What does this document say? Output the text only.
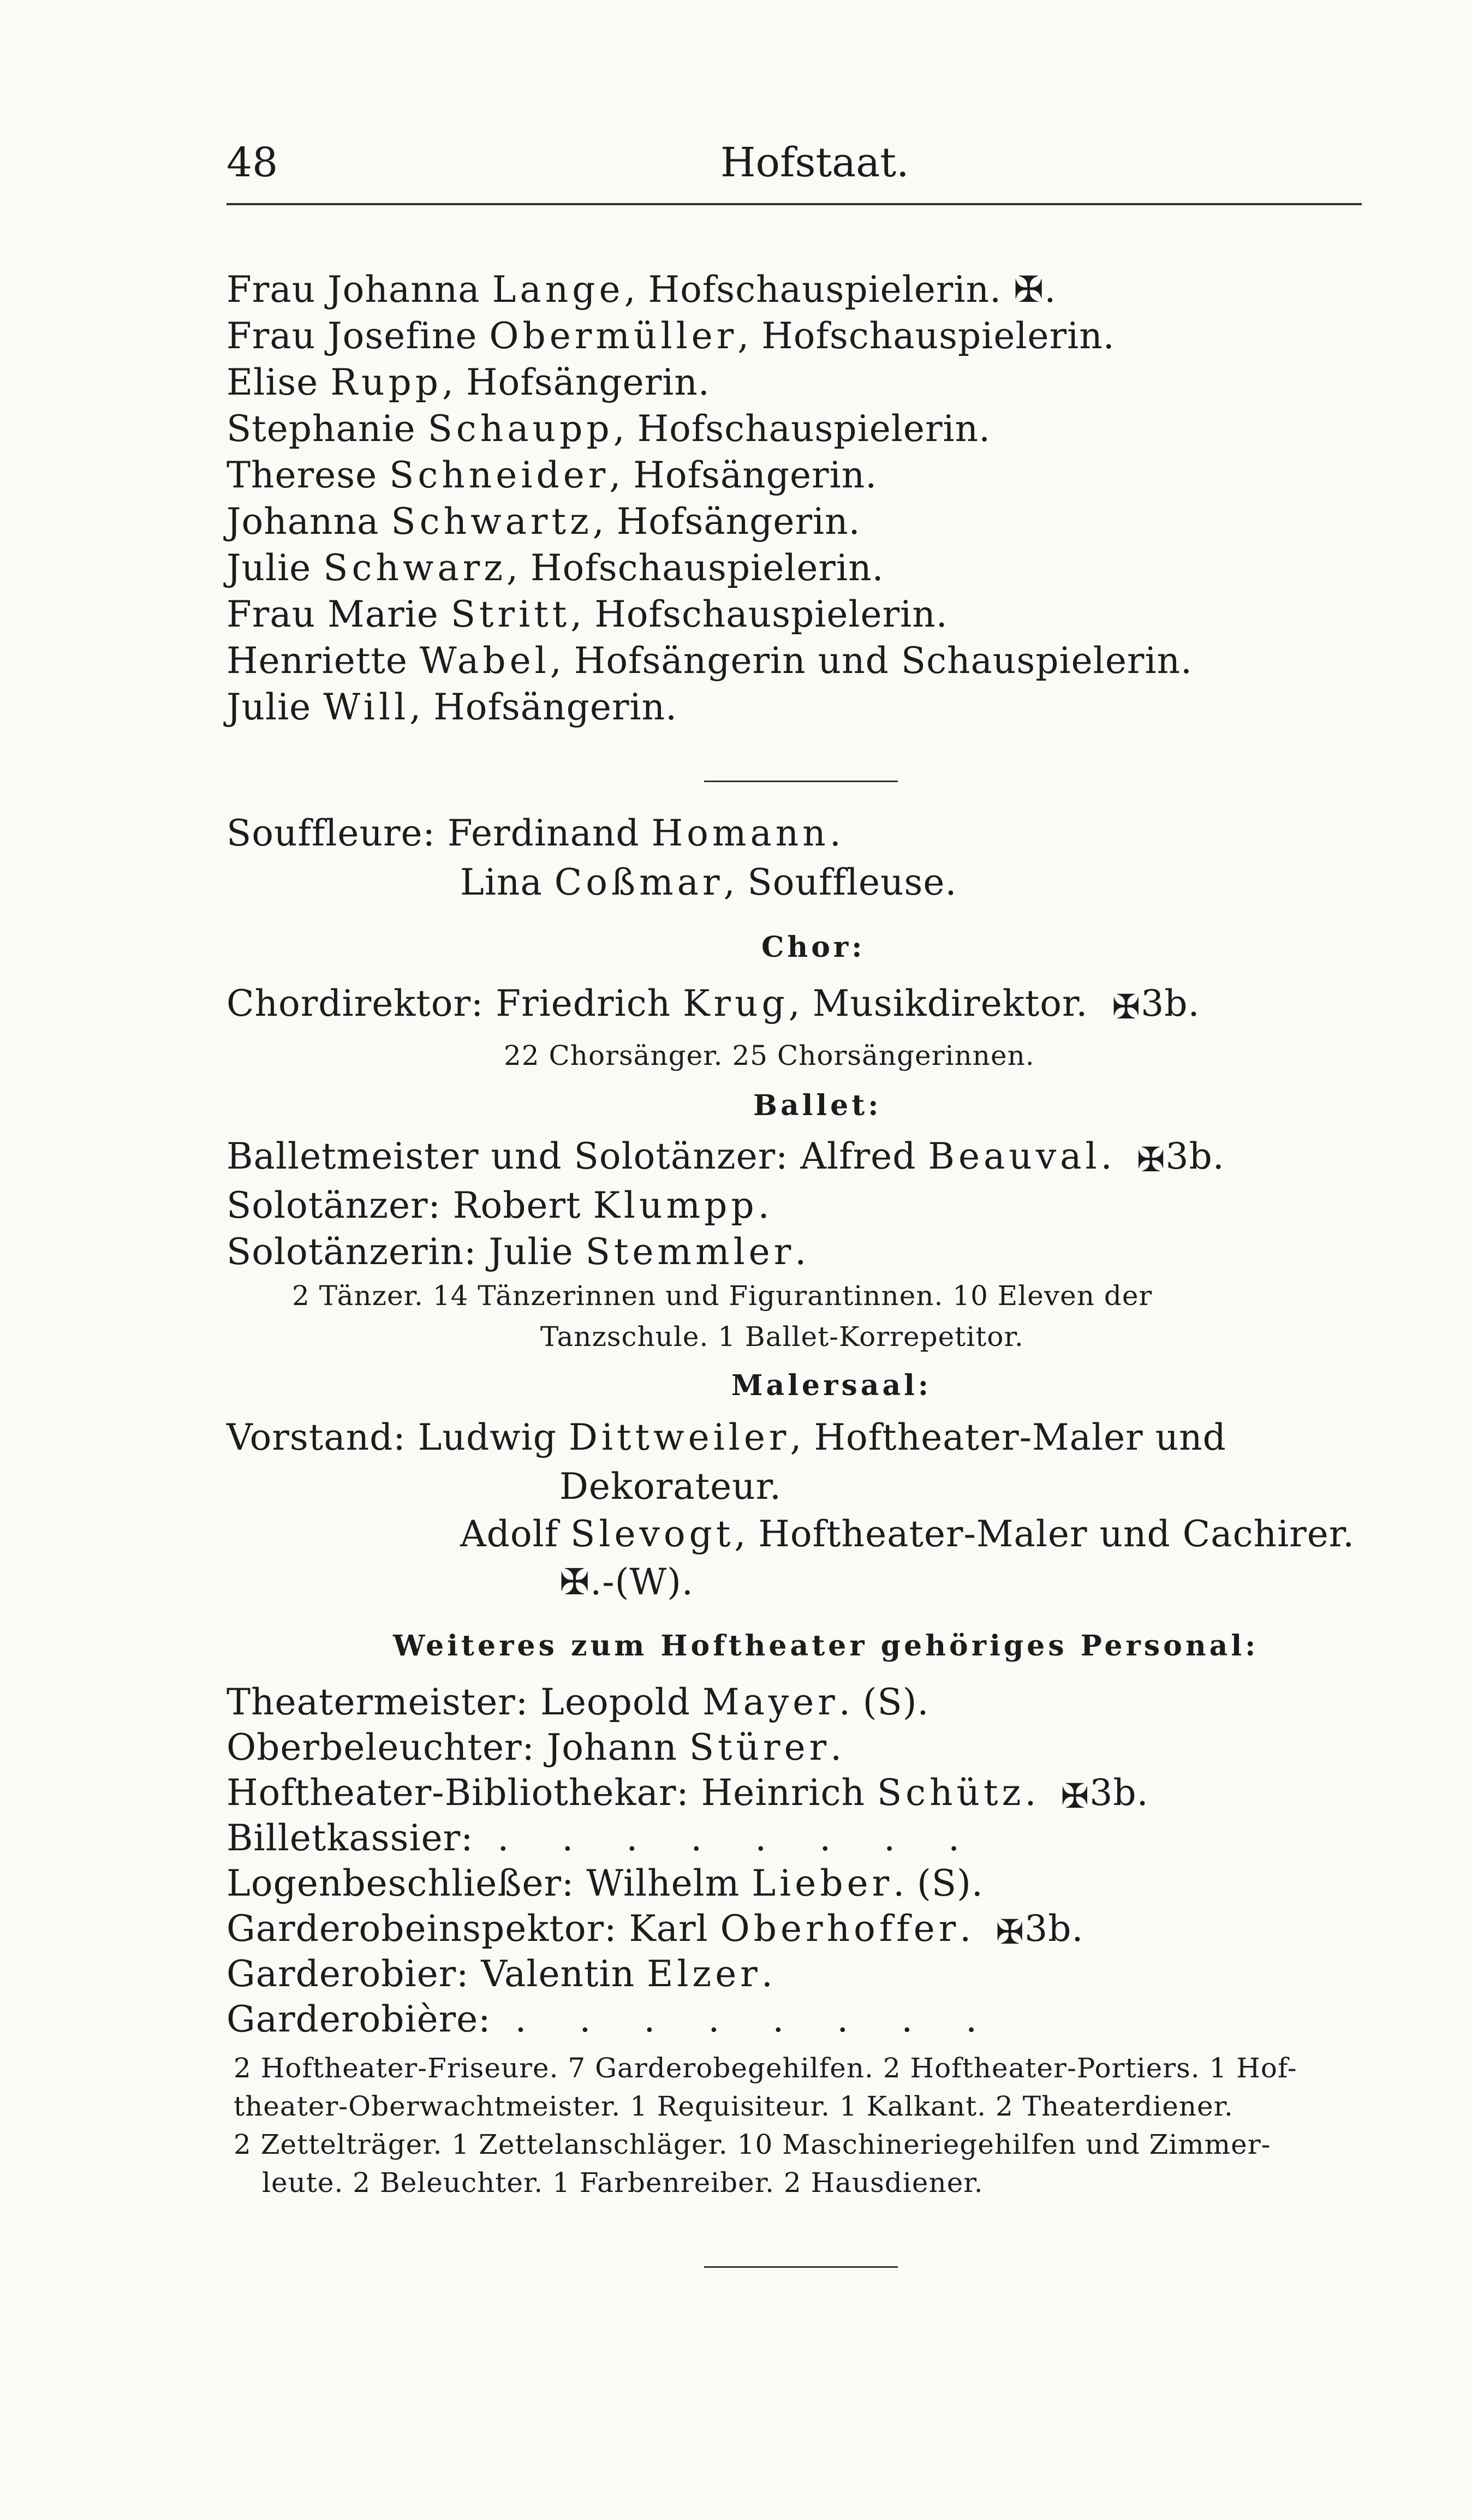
48	Hofstaat.
Frau Johanna Lange, Hofschauspielerin. ✠.
Frau Josefine Obermüller, Hofschauspielerin.
Elise Rupp, Hofsängerin.
Stephanie Schaupp, Hofschauspielerin.
Therese Schneider, Hofsängerin.
Johanna Schwartz, Hofsängerin.
Julie Schwarz, Hofschauspielerin.
Frau Marie Stritt, Hofschauspielerin.
Henriette Wabel, Hofsängerin und Schauspielerin.
Julie Will, Hofsängerin.
Souffleure: Ferdinand Homann.
Lina Coßmar, Souffleuse.
Chor:
Chordirektor: Friedrich Krug, Musikdirektor. ✠3b.
22 Chorsänger. 25 Chorsängerinnen.
Ballet:
Balletmeister und Solotänzer: Alfred Beauval. ✠3b.
Solotänzer: Robert Klumpp.
Solotänzerin: Julie Stemmler.
2 Tänzer. 14 Tänzerinnen und Figurantinnen. 10 Eleven der
Tanzschule. 1 Ballet-Korrepetitor.
Malersaal:
Vorstand: Ludwig Dittweiler, Hoftheater-Maler und
Dekorateur.
Adolf Slevogt, Hoftheater-Maler und Cachirer.
✠.-(W).
Weiteres zum Hoftheater gehöriges Personal:
Theatermeister: Leopold Mayer. (S).
Oberbeleuchter: Johann Stürer.
Hoftheater-Bibliothekar: Heinrich Schütz. ✠3b.
Billetkassier: . . . . . . . .
Logenbeschließer: Wilhelm Lieber. (S).
Garderobeinspektor: Karl Oberhoffer. ✠3b.
Garderobier: Valentin Elzer.
Garderobière: . . . . . . . .
2 Hoftheater-Friseure. 7 Garderobegehilfen. 2 Hoftheater-Portiers. 1 Hof-
theater-Oberwachtmeister. 1 Requisiteur. 1 Kalkant. 2 Theaterdiener.
2 Zettelträger. 1 Zettelanschläger. 10 Maschineriegehilfen und Zimmer-
leute. 2 Beleuchter. 1 Farbenreiber. 2 Hausdiener.
